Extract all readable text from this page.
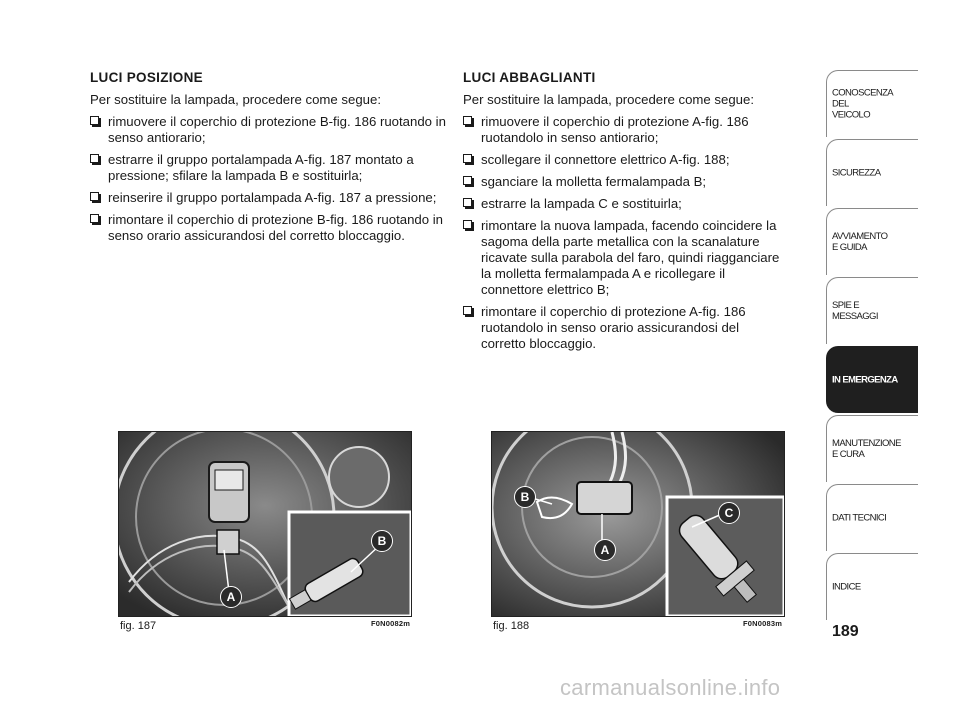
LUCI POSIZIONE
Per sostituire la lampada, procedere come segue:
rimuovere il coperchio di protezione B-fig. 186 ruotando in senso antiorario;
estrarre il gruppo portalampada A-fig. 187 montato a pressione; sfilare la lampada B e sostituirla;
reinserire il gruppo portalampada A-fig. 187 a pressione;
rimontare il coperchio di protezione B-fig. 186 ruotando in senso orario assicurandosi del corretto bloccaggio.
LUCI ABBAGLIANTI
Per sostituire la lampada, procedere come segue:
rimuovere il coperchio di protezione A-fig. 186 ruotandolo in senso antiorario;
scollegare il connettore elettrico A-fig. 188;
sganciare la molletta fermalampada B;
estrarre la lampada C e sostituirla;
rimontare la nuova lampada, facendo coincidere la sagoma della parte metallica con la scanalature ricavate sulla parabola del faro, quindi riagganciare la molletta fermalampada A e ricollegare il connettore elettrico B;
rimontare il coperchio di protezione A-fig. 186 ruotandolo in senso orario assicurandosi del corretto bloccaggio.
A
B
fig. 187	F0N0082m
B
A
C
fig. 188	F0N0083m
CONOSCENZA
DEL
VEICOLO
SICUREZZA
AVVIAMENTO
E GUIDA
SPIE E
MESSAGGI
IN EMERGENZA
MANUTENZIONE
E CURA
DATI TECNICI
INDICE
189
carmanualsonline.info
